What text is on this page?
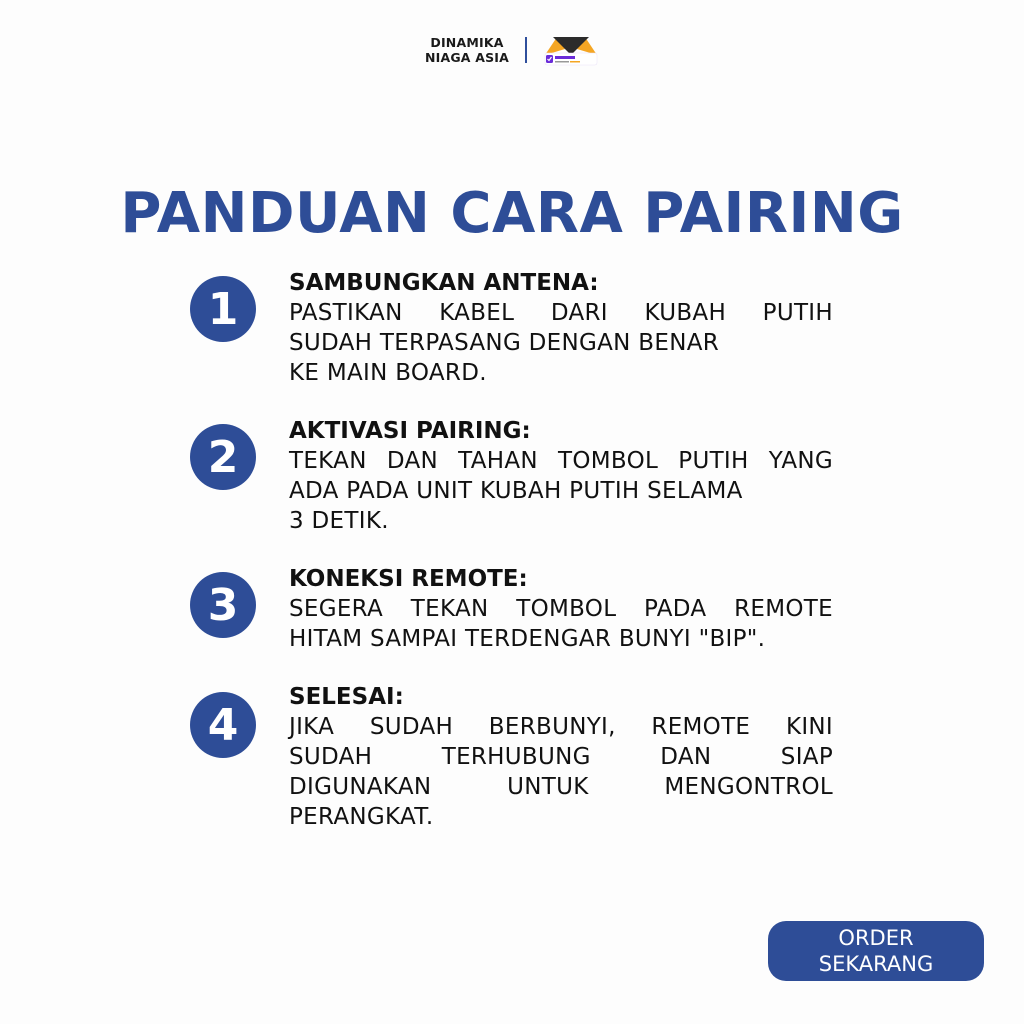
DINAMIKA
NIAGA ASIA
PANDUAN CARA PAIRING
1
SAMBUNGKAN ANTENA:
PASTIKAN KABEL DARI KUBAH PUTIH
SUDAH TERPASANG DENGAN BENAR
KE MAIN BOARD.
2
AKTIVASI PAIRING:
TEKAN DAN TAHAN TOMBOL PUTIH YANG
ADA PADA UNIT KUBAH PUTIH SELAMA
3 DETIK.
3
KONEKSI REMOTE:
SEGERA TEKAN TOMBOL PADA REMOTE
HITAM SAMPAI TERDENGAR BUNYI "BIP".
4
SELESAI:
JIKA SUDAH BERBUNYI, REMOTE KINI
SUDAH TERHUBUNG DAN SIAP
DIGUNAKAN UNTUK MENGONTROL
PERANGKAT.
ORDER
SEKARANG
